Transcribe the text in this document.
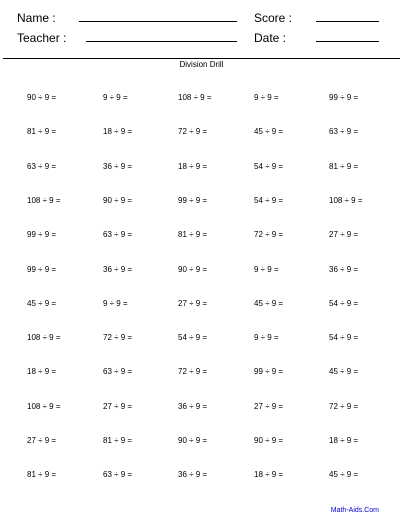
Name :
Teacher :
Score :
Date :
Division Drill
90 ÷ 9 =	9 ÷ 9 =	108 ÷ 9 =	9 ÷ 9 =	99 ÷ 9 =
81 ÷ 9 =	18 ÷ 9 =	72 ÷ 9 =	45 ÷ 9 =	63 ÷ 9 =
63 ÷ 9 =	36 ÷ 9 =	18 ÷ 9 =	54 ÷ 9 =	81 ÷ 9 =
108 ÷ 9 =	90 ÷ 9 =	99 ÷ 9 =	54 ÷ 9 =	108 ÷ 9 =
99 ÷ 9 =	63 ÷ 9 =	81 ÷ 9 =	72 ÷ 9 =	27 ÷ 9 =
99 ÷ 9 =	36 ÷ 9 =	90 ÷ 9 =	9 ÷ 9 =	36 ÷ 9 =
45 ÷ 9 =	9 ÷ 9 =	27 ÷ 9 =	45 ÷ 9 =	54 ÷ 9 =
108 ÷ 9 =	72 ÷ 9 =	54 ÷ 9 =	9 ÷ 9 =	54 ÷ 9 =
18 ÷ 9 =	63 ÷ 9 =	72 ÷ 9 =	99 ÷ 9 =	45 ÷ 9 =
108 ÷ 9 =	27 ÷ 9 =	36 ÷ 9 =	27 ÷ 9 =	72 ÷ 9 =
27 ÷ 9 =	81 ÷ 9 =	90 ÷ 9 =	90 ÷ 9 =	18 ÷ 9 =
81 ÷ 9 =	63 ÷ 9 =	36 ÷ 9 =	18 ÷ 9 =	45 ÷ 9 =
Math-Aids.Com
